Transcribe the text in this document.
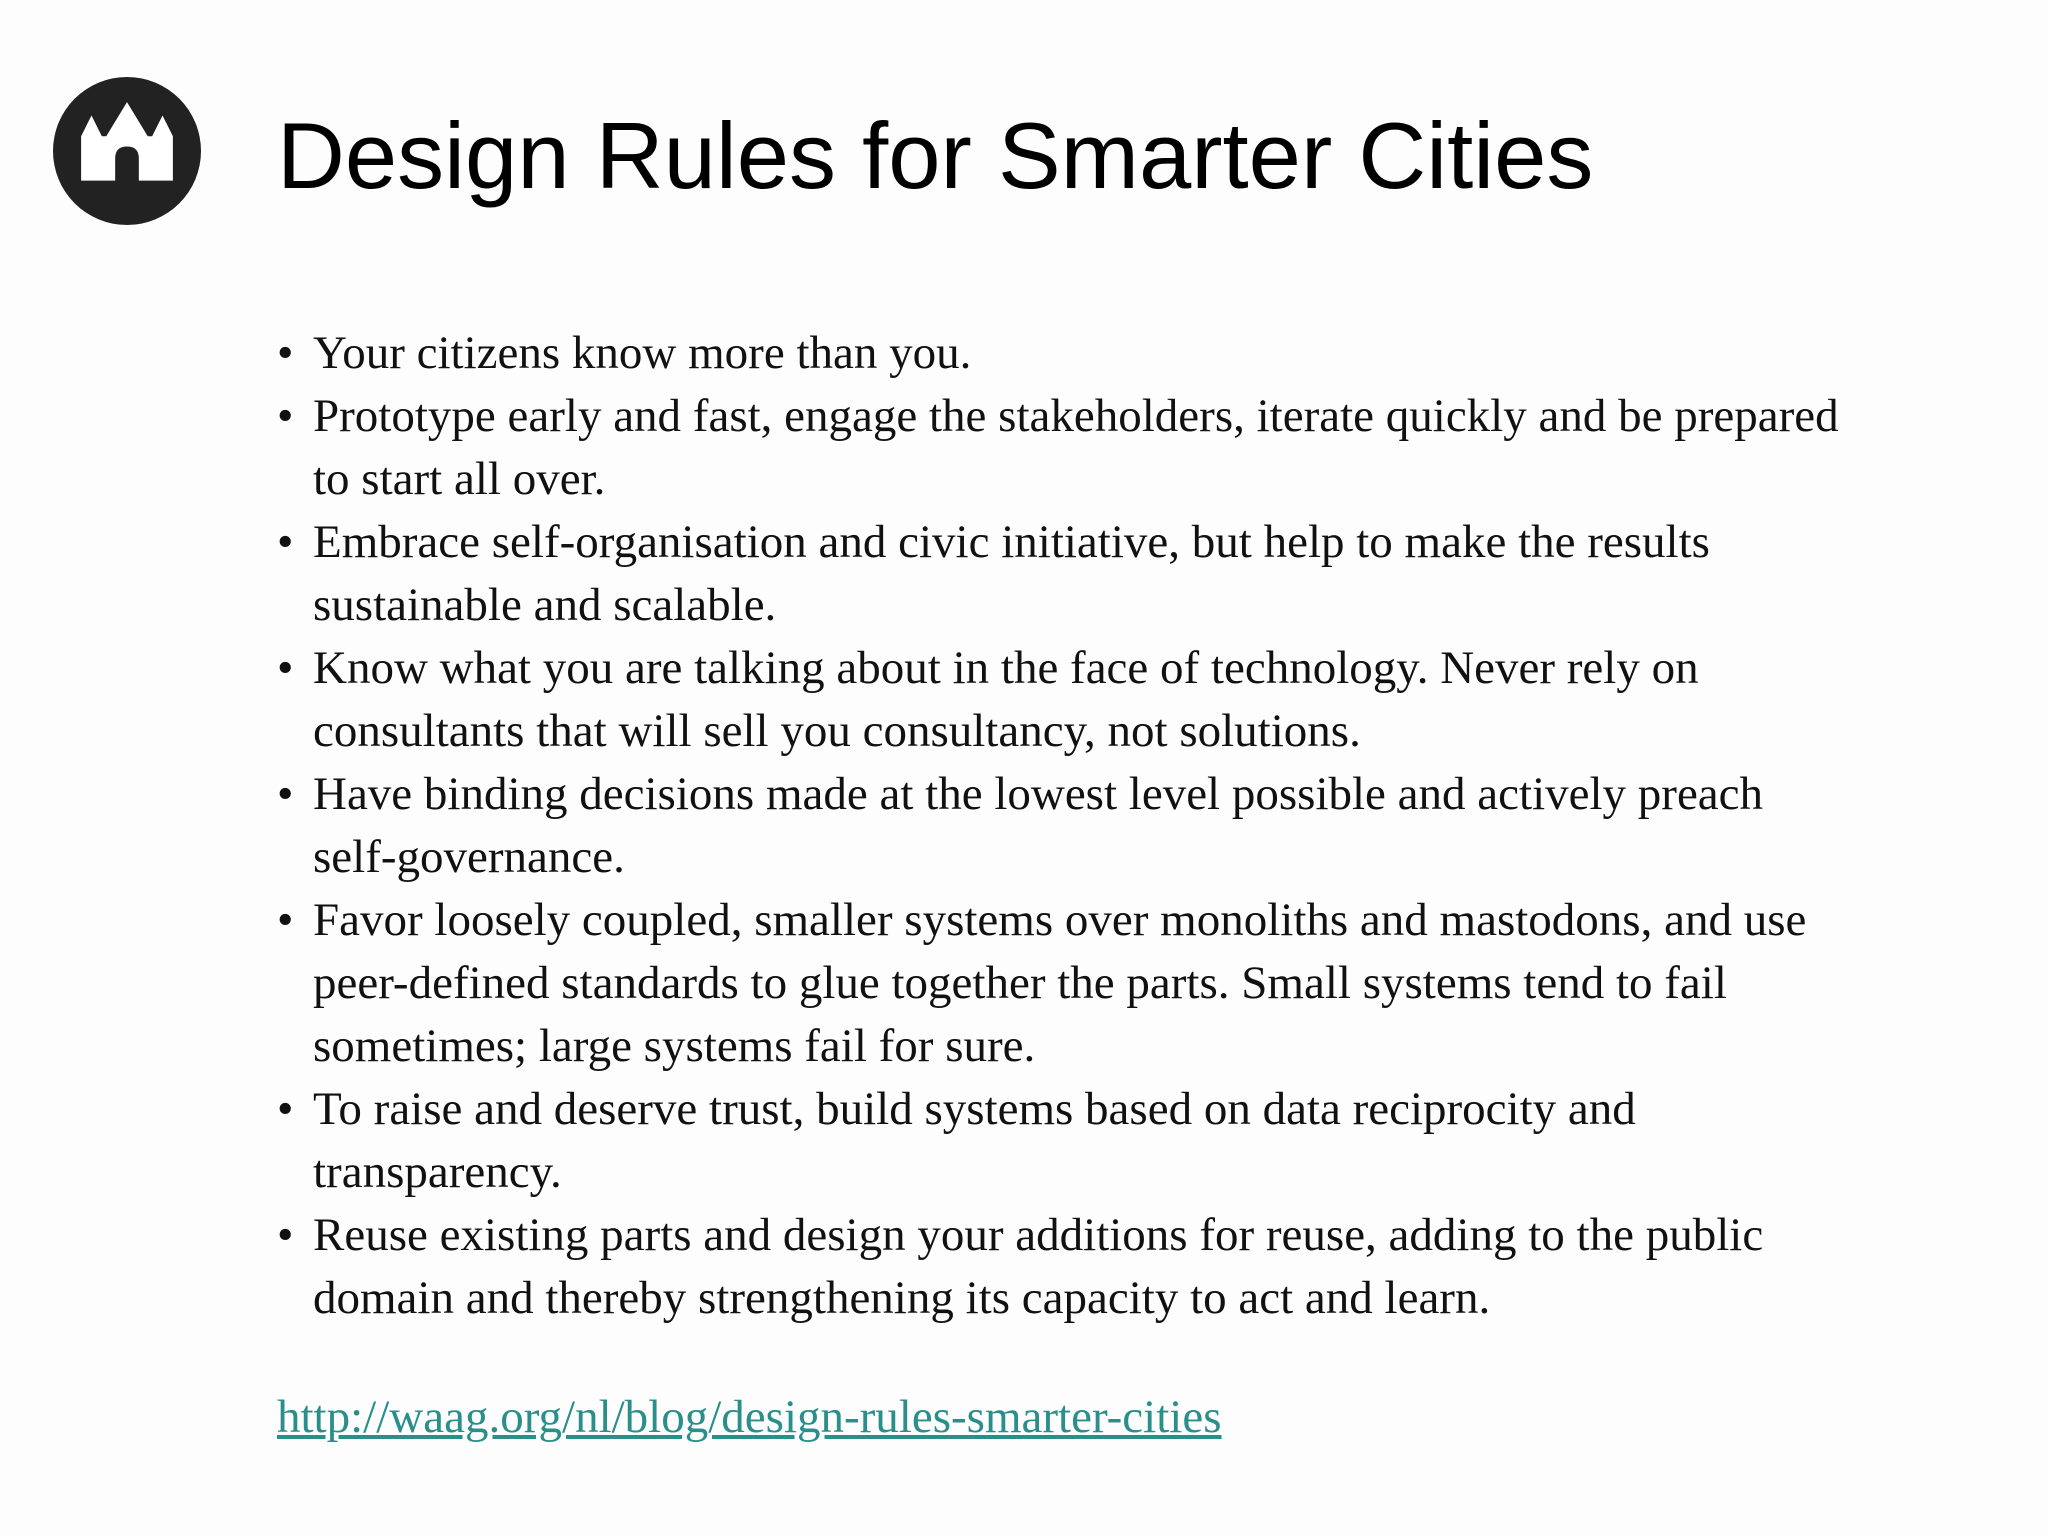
Design Rules for Smarter Cities
• Your citizens know more than you.
• Prototype early and fast, engage the stakeholders, iterate quickly and be prepared to start all over.
• Embrace self-organisation and civic initiative, but help to make the results sustainable and scalable.
• Know what you are talking about in the face of technology. Never rely on consultants that will sell you consultancy, not solutions.
• Have binding decisions made at the lowest level possible and actively preach self-governance.
• Favor loosely coupled, smaller systems over monoliths and mastodons, and use peer-defined standards to glue together the parts. Small systems tend to fail sometimes; large systems fail for sure.
• To raise and deserve trust, build systems based on data reciprocity and transparency.
• Reuse existing parts and design your additions for reuse, adding to the public domain and thereby strengthening its capacity to act and learn.
http://waag.org/nl/blog/design-rules-smarter-cities
